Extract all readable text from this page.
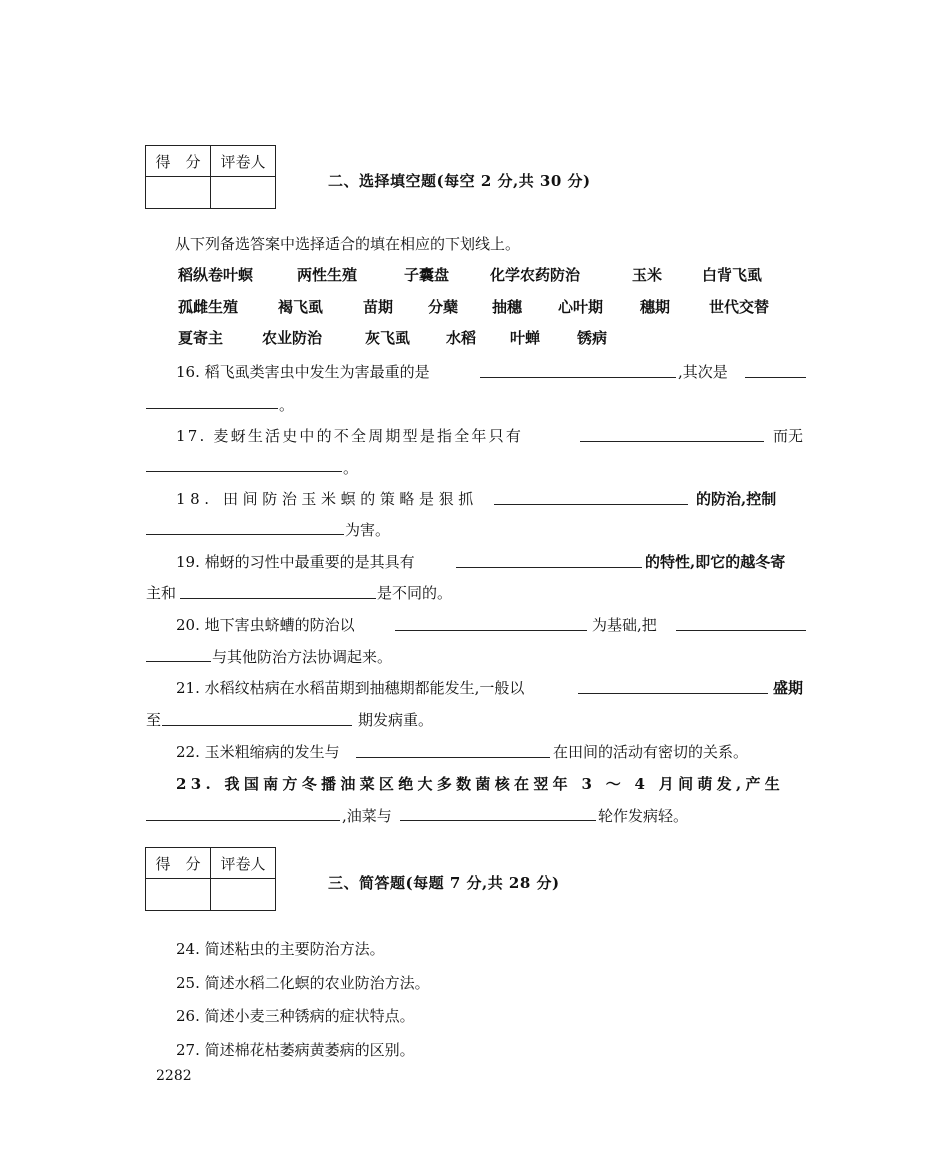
得　分	评卷人

二、选择填空题(每空 2 分,共 30 分)
从下列备选答案中选择适合的填在相应的下划线上。
稻纵卷叶螟	两性生殖	子囊盘	化学农药防治	玉米	白背飞虱
孤雌生殖	褐飞虱	苗期 分蘖 抽穗 心叶期 穗期	世代交替
夏寄主	农业防治	灰飞虱 水稻 叶蝉 锈病
16. 稻飞虱类害虫中发生为害最重的是	,其次是
。
17. 麦蚜生活史中的不全周期型是指全年只有	而无
。
18. 田间防治玉米螟的策略是狠抓	的防治,控制
为害。
19. 棉蚜的习性中最重要的是其具有	的特性,即它的越冬寄
主和	是不同的。
20. 地下害虫蛴螬的防治以	为基础,把
与其他防治方法协调起来。
21. 水稻纹枯病在水稻苗期到抽穗期都能发生,一般以	盛期
至	期发病重。
22. 玉米粗缩病的发生与	在田间的活动有密切的关系。
23. 我国南方冬播油菜区绝大多数菌核在翌年 3 ～ 4 月间萌发,产生
,油菜与	轮作发病轻。
得　分	评卷人

三、简答题(每题 7 分,共 28 分)
24. 简述粘虫的主要防治方法。
25. 简述水稻二化螟的农业防治方法。
26. 简述小麦三种锈病的症状特点。
27. 简述棉花枯萎病黄萎病的区别。
2282
